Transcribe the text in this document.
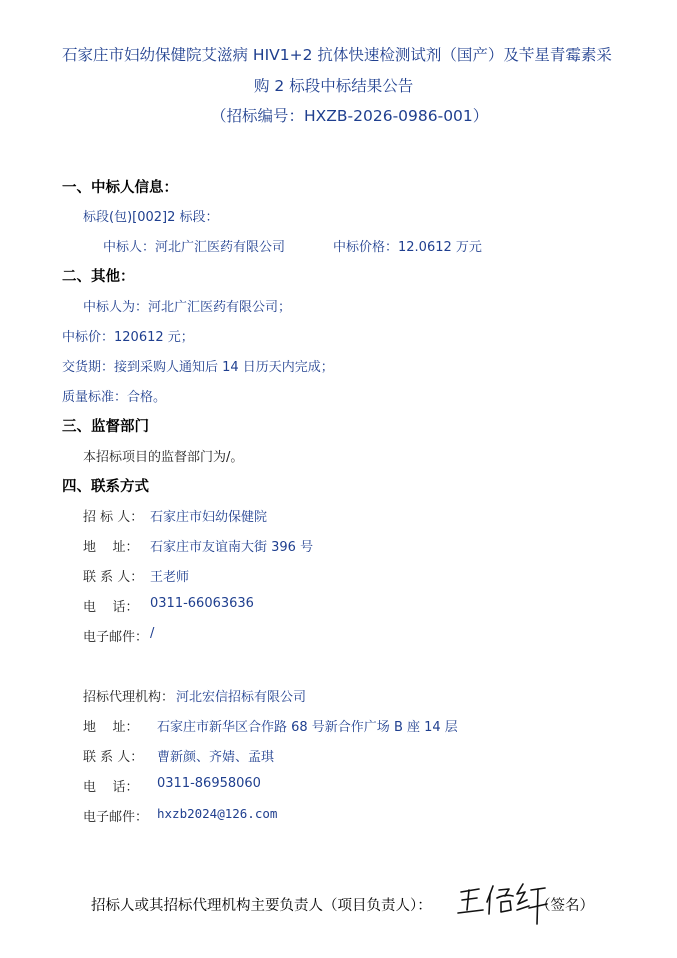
石家庄市妇幼保健院艾滋病 HIV1+2 抗体快速检测试剂（国产）及苄星青霉素采
购 2 标段中标结果公告
（招标编号：HXZB-2026-0986-001）
一、中标人信息：
标段(包)[002]2 标段：
中标人：河北广汇医药有限公司	中标价格：12.0612 万元
二、其他：
中标人为：河北广汇医药有限公司；
中标价：120612 元；
交货期：接到采购人通知后 14 日历天内完成；
质量标准：合格。
三、监督部门
本招标项目的监督部门为/。
四、联系方式
招 标 人： 石家庄市妇幼保健院
地    址： 石家庄市友谊南大街 396 号
联 系 人： 王老师
电    话： 0311-66063636
电子邮件： /
招标代理机构： 河北宏信招标有限公司
地    址： 石家庄市新华区合作路 68 号新合作广场 B 座 14 层
联 系 人： 曹新颜、齐婧、孟琪
电    话： 0311-86958060
电子邮件： hxzb2024@126.com
招标人或其招标代理机构主要负责人（项目负责人）：	（签名）
